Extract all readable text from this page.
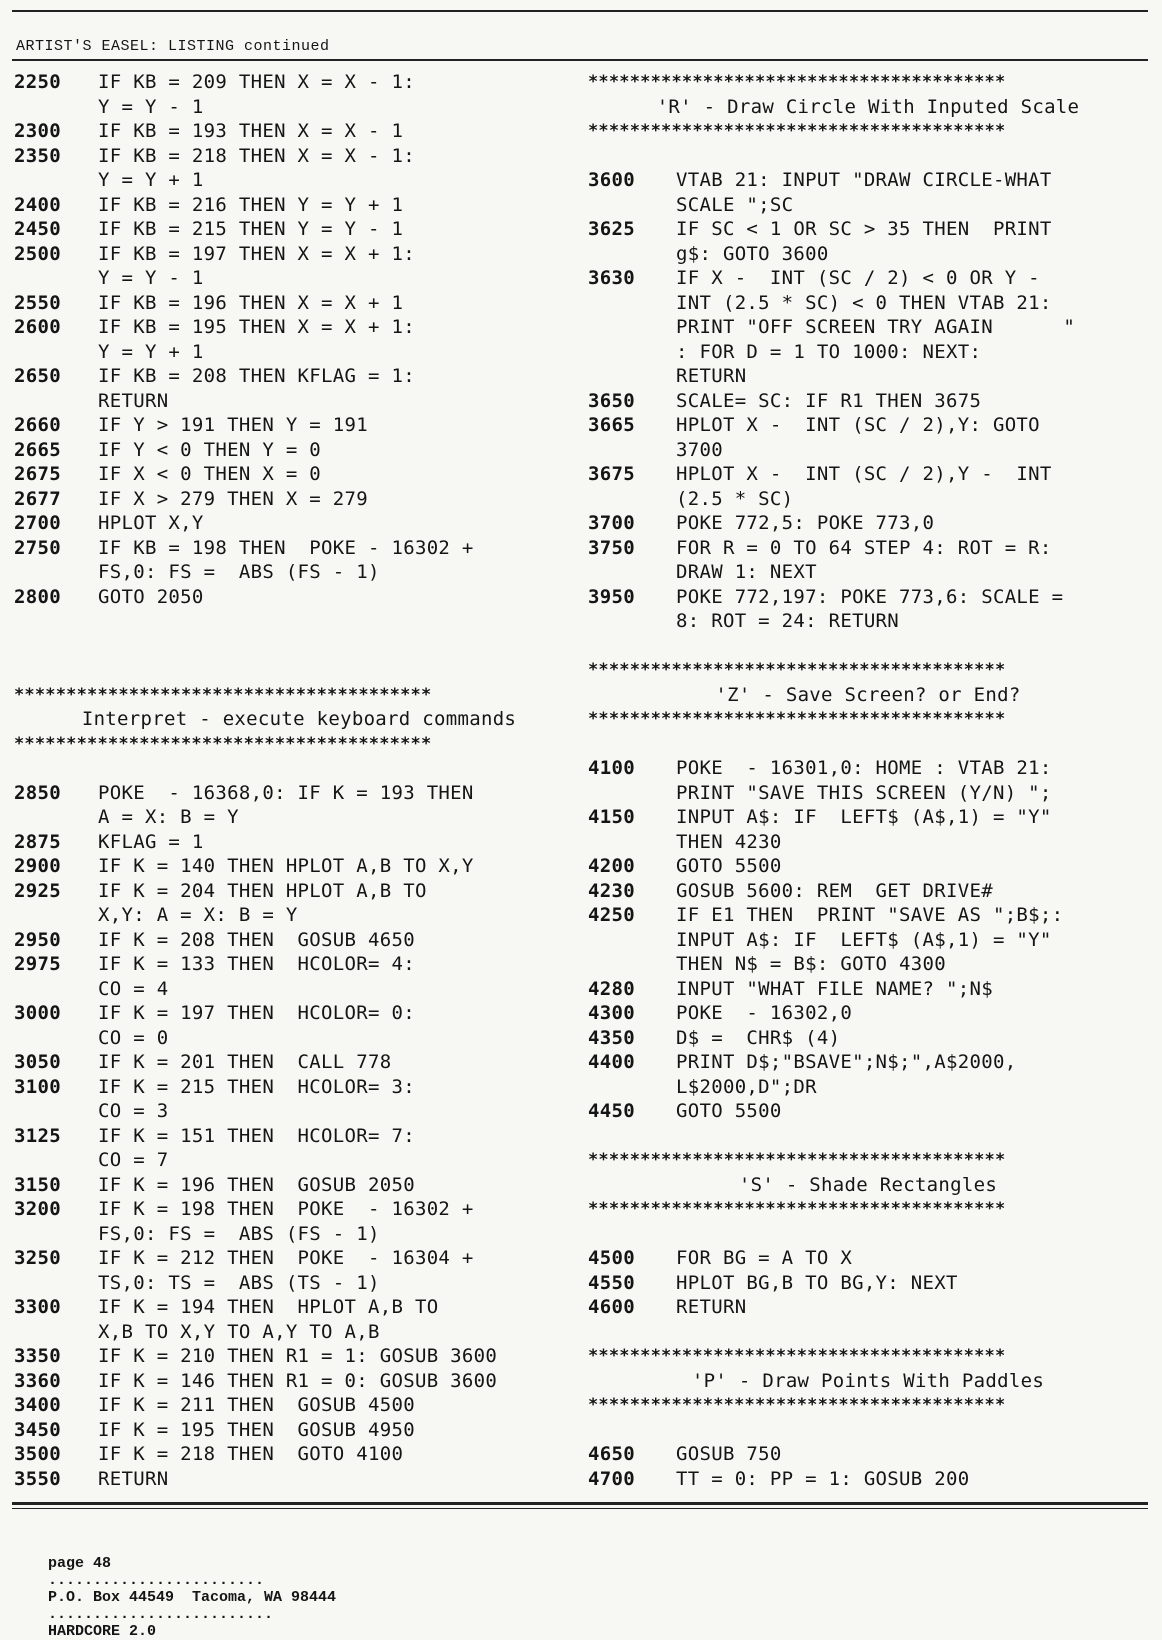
ARTIST'S EASEL: LISTING continued
2250 IF KB = 209 THEN X = X - 1:
Y = Y - 1
2300 IF KB = 193 THEN X = X - 1
2350 IF KB = 218 THEN X = X - 1:
Y = Y + 1
2400 IF KB = 216 THEN Y = Y + 1
2450 IF KB = 215 THEN Y = Y - 1
2500 IF KB = 197 THEN X = X + 1:
Y = Y - 1
2550 IF KB = 196 THEN X = X + 1
2600 IF KB = 195 THEN X = X + 1:
Y = Y + 1
2650 IF KB = 208 THEN KFLAG = 1:
RETURN
2660 IF Y > 191 THEN Y = 191
2665 IF Y < 0 THEN Y = 0
2675 IF X < 0 THEN X = 0
2677 IF X > 279 THEN X = 279
2700 HPLOT X,Y
2750 IF KB = 198 THEN  POKE - 16302 +
FS,0: FS =  ABS (FS - 1)
2800 GOTO 2050
****************************************
Interpret - execute keyboard commands
****************************************
2850 POKE  - 16368,0: IF K = 193 THEN
A = X: B = Y
2875 KFLAG = 1
2900 IF K = 140 THEN HPLOT A,B TO X,Y
2925 IF K = 204 THEN HPLOT A,B TO
X,Y: A = X: B = Y
2950 IF K = 208 THEN  GOSUB 4650
2975 IF K = 133 THEN  HCOLOR= 4:
CO = 4
3000 IF K = 197 THEN  HCOLOR= 0:
CO = 0
3050 IF K = 201 THEN  CALL 778
3100 IF K = 215 THEN  HCOLOR= 3:
CO = 3
3125 IF K = 151 THEN  HCOLOR= 7:
CO = 7
3150 IF K = 196 THEN  GOSUB 2050
3200 IF K = 198 THEN  POKE  - 16302 +
FS,0: FS =  ABS (FS - 1)
3250 IF K = 212 THEN  POKE  - 16304 +
TS,0: TS =  ABS (TS - 1)
3300 IF K = 194 THEN  HPLOT A,B TO
X,B TO X,Y TO A,Y TO A,B
3350 IF K = 210 THEN R1 = 1: GOSUB 3600
3360 IF K = 146 THEN R1 = 0: GOSUB 3600
3400 IF K = 211 THEN  GOSUB 4500
3450 IF K = 195 THEN  GOSUB 4950
3500 IF K = 218 THEN  GOTO 4100
3550 RETURN
****************************************
'R' - Draw Circle With Inputed Scale
****************************************
3600 VTAB 21: INPUT "DRAW CIRCLE-WHAT
SCALE ";SC
3625 IF SC < 1 OR SC > 35 THEN  PRINT
g$: GOTO 3600
3630 IF X -  INT (SC / 2) < 0 OR Y -
INT (2.5 * SC) < 0 THEN VTAB 21:
PRINT "OFF SCREEN TRY AGAIN      "
: FOR D = 1 TO 1000: NEXT:
RETURN
3650 SCALE= SC: IF R1 THEN 3675
3665 HPLOT X -  INT (SC / 2),Y: GOTO
3700
3675 HPLOT X -  INT (SC / 2),Y -  INT
(2.5 * SC)
3700 POKE 772,5: POKE 773,0
3750 FOR R = 0 TO 64 STEP 4: ROT = R:
DRAW 1: NEXT
3950 POKE 772,197: POKE 773,6: SCALE =
8: ROT = 24: RETURN
****************************************
'Z' - Save Screen? or End?
****************************************
4100 POKE  - 16301,0: HOME : VTAB 21:
PRINT "SAVE THIS SCREEN (Y/N) ";
4150 INPUT A$: IF  LEFT$ (A$,1) = "Y"
THEN 4230
4200 GOTO 5500
4230 GOSUB 5600: REM  GET DRIVE#
4250 IF E1 THEN  PRINT "SAVE AS ";B$;:
INPUT A$: IF  LEFT$ (A$,1) = "Y"
THEN N$ = B$: GOTO 4300
4280 INPUT "WHAT FILE NAME? ";N$
4300 POKE  - 16302,0
4350 D$ =  CHR$ (4)
4400 PRINT D$;"BSAVE";N$;",A$2000,
L$2000,D";DR
4450 GOTO 5500
****************************************
'S' - Shade Rectangles
****************************************
4500 FOR BG = A TO X
4550 HPLOT BG,B TO BG,Y: NEXT
4600 RETURN
****************************************
'P' - Draw Points With Paddles
****************************************
4650 GOSUB 750
4700 TT = 0: PP = 1: GOSUB 200

page 48
........................
P.O. Box 44549  Tacoma, WA 98444
.........................
HARDCORE 2.0
